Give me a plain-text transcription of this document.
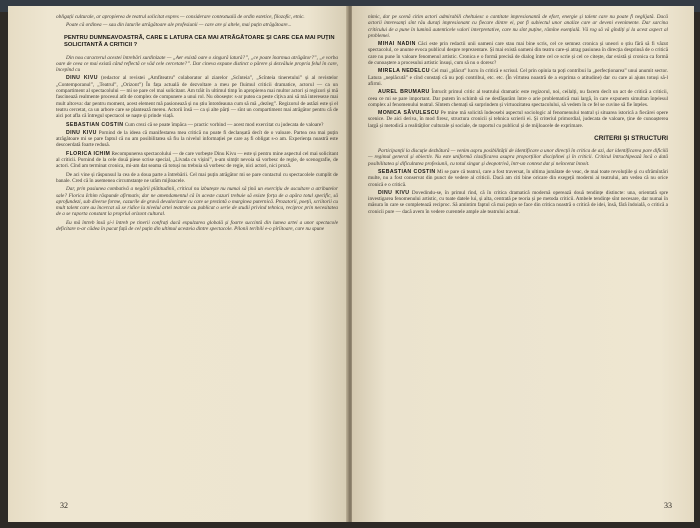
obligații culturale, ar apropierea de teatrul solicitat expres — considerare contextuală de ordin estetice, filozofic, etnic.

Poate că ordinea — sau din laturile atrăgătoare ale profesiunii — care are și altele, mai puțin atrăgătoare...

PENTRU DUMNEAVOASTRĂ, CARE E LATURA CEA MAI ATRĂGĂTOARE ȘI CARE CEA MAI PUȚIN SOLICITANTĂ A CRITICII ?

Din nou caracterul acestei întrebări surdinizate — „Aer există oare o singură latură?”, „ce poate înarmua atrăgător?”, „e vorba oare de ceea ce mai există când reflectă ce văd cele cercetate?”. Dar cineva expune distinct o părere și dezvăluie propria felul în care, începînd cu

DINU KIVU (redactor al revistei „Amfiteatru” colaborator al ziarelor „Scînteia”, „Scînteia tineretului” și al revistelor „Contemporanul”, „Teatrul”, „Orizont”) În fața actuală de dezvoltare a meu pe fluimul criticii dramatice, actorul — ca un compartiment al spectacolului — mi se pare cel mai solicitant. Am trăit în ultimul timp în apropierea mai multor actori și regizori și mă fascinează realmente procesul atît de complex de compunere a unui rol. Nu obosește: s-ar putea ca peste cîțiva ani să mă intereseze mai mult altceva: dar pentru moment, acest element mă pasionează și nu știu întotdeauna cum să mă „dezleg”. Regizorul de astăzi este și el teatru cercetat, ca un arbore care se plantează mereu. Actorii însă — ca și alte părți — sînt un compartiment mai atrăgător pentru că de aici pot afla că întregul spectacol se naște și prinde viață.

SEBASTIAN COSTIN Cum crezi că se poate împăca — practic vorbind — acest mod exercitat cu judecata de valoare?

DINU KIVU Pornind de la ideea că manifestarea mea critică nu poate fi declanșată decît de o valoare. Partea cea mai puțin atrăgătoare mi se pare faptul că nu am posibilitatea să fiu la nivelul informației pe care aș fi obligat s-o am. Experiența noastră este descoerdată foarte redusă.

FLORICA ICHIM Recompunerea spectacolului — de care vorbește Dinu Kivu — este și pentru mine aspectul cel mai solicitant al criticii. Pornind de la cele două piese scrise special, „Livada cu vișini”, n-am simțit nevoia să vorbesc de regie, de scenografie, de actori. Cînd am terminat cronica, mi-am dat seama că totuși nu trebuia să vorbesc de regie, nici actori, nici proză.

De aci vine și răspunsul la cea de a doua parte a întrebării. Cel mai puțin atrăgător mi se pare contactul cu spectacolele cumplit de banale. Cred că în asemenea circumstanțe ne urăm mijloacele.

Dar, prin pasiunea combativă a negării plătitudinii, criticul nu izbutește nu numai să țină un exercițiu de ascultare a atributelor sale? Florica Ichim răspunde afirmativ, dar ne amendamentul că în aceste cazuri trebuie să existe forța de a apăra totul specific, să aprofundezi, sub diverse forme, cazurile de gravă devalorizare cu care se prezintă o marginea puternică. Prozatorii, poeții, scriitorii cu mult talent care au încercat să se ridice la nivelul artei teatrale au publicat o serie de studii privind tehnica, reciproc prin necesitatea de a se raporta constant la propriul orizont cultural.

Eu mă întreb însă și-i întreb pe tinerii confrați dacă expulzarea globală și foarte succintă din lumea artei a unor spectacole deficitare n-ar cădea în pacat față de cel puțin din ultimul acesteia dintre spectacole. Pilonii teribili e-o pîrîitoare, care nu spune

32

nimic, dar pe scenă citim actori admirabili cheltuiesc o cantitate impresionantă de efort, energie și talent care nu poate fi neglijată. Dacă actorii interesanți sînt rău durați impresionant cu fiecare dintre ei, pot fi subiectul unor analize care ar deveni evenimente. Dar sarcina criticului de a pune în lumină autenticele valori interpretative, care nu sînt puține, rămîne esențială. Vă rog să vă gîndiți și la acest aspect al problemei.

MIHAI NADIN Căci este prin redactii unii oameni care stau mai bine scris, cel ce semnez cronica și uneori o știu fără să fi văzut spectacolul, ce anume evoca publicul despre reprezentare. Și mai există oameni din teatru care-și atrag pasiunea în direcția desprinsă de o critică care nu pune în valoare fenomenul artistic. Cronica e o formă precisă de dialog între cel ce scrie și cel ce citește, dar există și cronica ca formă de cunoaștere a procesului artistic însuși, cum să nu o doresc?

MIRELA NEDELCU Cel mai „plăcut” lucru în critică e scrisul. Cel prin opinia ta poți contribui la „perfecționarea” unui anumit sector. Latura „neplăcută” e cînd constați că nu poți contribui, etc. etc. (În vîrtutea noastră de a exprima o atitudine) dar cu care ai ajuns totuși să-l afirmi.

AUREL BRUMARU Întrucît primul critic al teatrului dramatic este regizorul, noi, ceilalți, nu facem decît un act de critică a criticii, ceea ce mi se pare important. Dar putem în schimb să ne desfășurăm între o arie problematică mai largă, în care expunem simultan înțelesul complex al fenomenului teatral. Sîntem chemați să surprindem și virtuozitatea spectacolului, să vedem în ce fel se cuvine să fie înțeles.

MONICA SĂVULESCU Pe mine mă solicită îndeosebi aspectul sociologic al fenomenului teatral și situarea istorică a fiecărei opere scenice. De aici deriva, în mod firesc, structura cronicii și tehnica scrierii ei. Și criteriul primordial, judecata de valoare, ține de cunoașterea largă și metodică a realităților culturale și sociale, de raportul cu publicul și de mijloacele de exprimare.

CRITERII ȘI STRUCTURI

Participanții la discuție dezbătură — venim aspru posibilității de identificare a unor direcții în critica de azi, dar identificarea pare dificilă — regimul general și obiectiv. Nu este uniformă clasificarea asupra proporțiilor disciplinei și în criticii. Criticul întruchipează încă o dată posibilitatea și dificultatea profesiunii, cu totul singur și deopotrivă, într-un context dat și neîncetat înnoit.

SEBASTIAN COSTIN Mi se pare că teatrul, care a fost traversat, în ultima jumătate de veac, de mai toate revoluțiile și cu sfrămîntări multe, nu a fost conservat din punct de vedere al criticii. Dacă am citi bine oricare din exegeții moderni ai teatrului, am vedea că nu orice cronică e o critică.

DINU KIVU Dovedindu-se, în primul rînd, că în critica dramatică modernă operează două tendințe distincte: una, orientată spre investigarea fenomenului artistic, cu toate datele lui, și alta, centrată pe teoria și pe metoda criticii. Ambele tendințe sînt necesare, dar numai în măsura în care se completează reciproc. Să amintim faptul că mai puțin se face din critica noastră o critică de idei, însă, fără îndoială, o critică a cronicii pure — dacă avem în vedere curentele ample ale teatrului actual.

33
